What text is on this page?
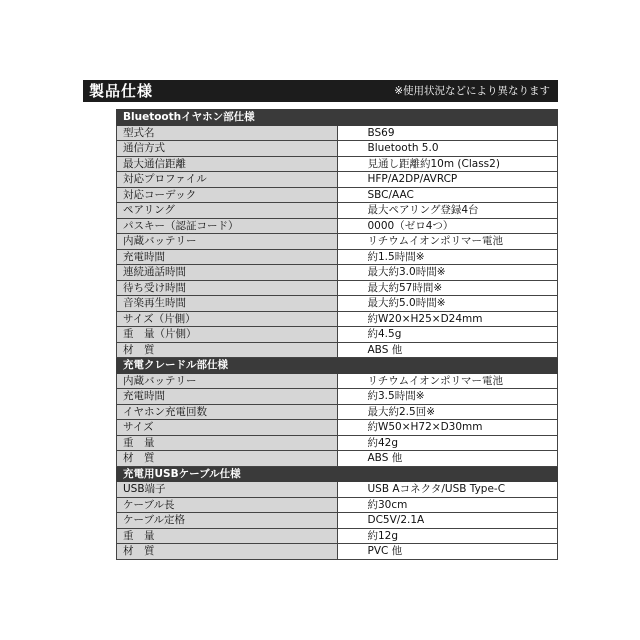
製品仕様	※使用状況などにより異なります
Bluetoothイヤホン部仕様	
型式名	BS69
通信方式	Bluetooth 5.0
最大通信距離	見通し距離約10m (Class2)
対応プロファイル	HFP/A2DP/AVRCP
対応コーデック	SBC/AAC
ペアリング	最大ペアリング登録4台
パスキー（認証コード）	0000（ゼロ4つ）
内蔵バッテリー	リチウムイオンポリマー電池
充電時間	約1.5時間※
連続通話時間	最大約3.0時間※
待ち受け時間	最大約57時間※
音楽再生時間	最大約5.0時間※
サイズ（片側）	約W20×H25×D24mm
重　量（片側）	約4.5g
材　質	ABS 他
充電クレードル部仕様	
内蔵バッテリー	リチウムイオンポリマー電池
充電時間	約3.5時間※
イヤホン充電回数	最大約2.5回※
サイズ	約W50×H72×D30mm
重　量	約42g
材　質	ABS 他
充電用USBケーブル仕様	
USB端子	USB Aコネクタ/USB Type-C
ケーブル長	約30cm
ケーブル定格	DC5V/2.1A
重　量	約12g
材　質	PVC 他
